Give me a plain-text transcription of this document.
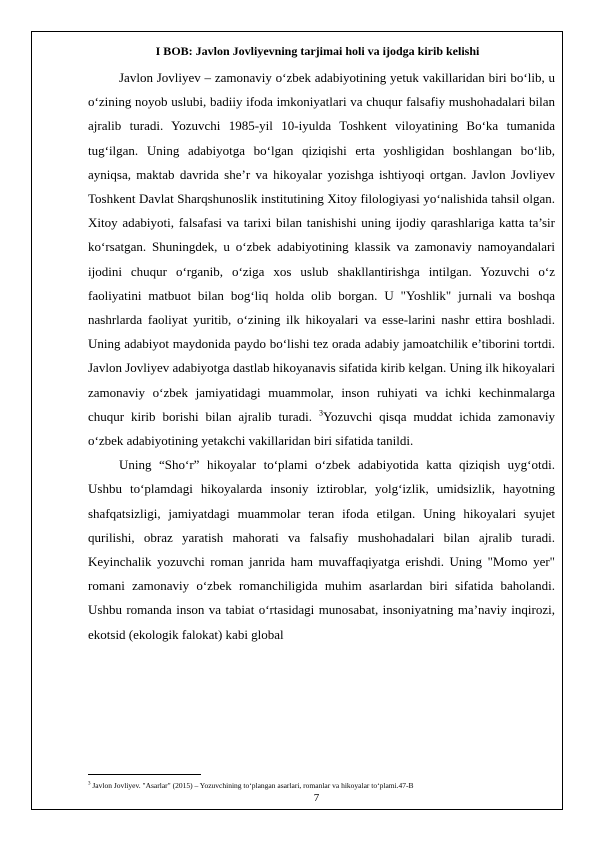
I BOB: Javlon Jovliyevning tarjimai holi va ijodga kirib kelishi

Javlon Jovliyev – zamonaviy o‘zbek adabiyotining yetuk vakillaridan biri bo‘lib, u o‘zining noyob uslubi, badiiy ifoda imkoniyatlari va chuqur falsafiy mushohadalari bilan ajralib turadi. Yozuvchi 1985-yil 10-iyulda Toshkent viloyatining Bo‘ka tumanida tug‘ilgan. Uning adabiyotga bo‘lgan qiziqishi erta yoshligidan boshlangan bo‘lib, ayniqsa, maktab davrida she’r va hikoyalar yozishga ishtiyoqi ortgan. Javlon Jovliyev Toshkent Davlat Sharqshunoslik institutining Xitoy filologiyasi yo‘nalishida tahsil olgan. Xitoy adabiyoti, falsafasi va tarixi bilan tanishishi uning ijodiy qarashlariga katta ta’sir ko‘rsatgan. Shuningdek, u o‘zbek adabiyotining klassik va zamonaviy namoyandalari ijodini chuqur o‘rganib, o‘ziga xos uslub shakllantirishga intilgan. Yozuvchi o‘z faoliyatini matbuot bilan bog‘liq holda olib borgan. U "Yoshlik" jurnali va boshqa nashrlarda faoliyat yuritib, o‘zining ilk hikoyalari va esse-larini nashr ettira boshladi. Uning adabiyot maydonida paydo bo‘lishi tez orada adabiy jamoatchilik e’tiborini tortdi. Javlon Jovliyev adabiyotga dastlab hikoyanavis sifatida kirib kelgan. Uning ilk hikoyalari zamonaviy o‘zbek jamiyatidagi muammolar, inson ruhiyati va ichki kechinmalarga chuqur kirib borishi bilan ajralib turadi. $^3$Yozuvchi qisqa muddat ichida zamonaviy o‘zbek adabiyotining yetakchi vakillaridan biri sifatida tanildi.

Uning “Sho‘r” hikoyalar to‘plami o‘zbek adabiyotida katta qiziqish uyg‘otdi. Ushbu to‘plamdagi hikoyalarda insoniy iztiroblar, yolg‘izlik, umidsizlik, hayotning shafqatsizligi, jamiyatdagi muammolar teran ifoda etilgan. Uning hikoyalari syujet qurilishi, obraz yaratish mahorati va falsafiy mushohadalari bilan ajralib turadi. Keyinchalik yozuvchi roman janrida ham muvaffaqiyatga erishdi. Uning "Momo yer" romani zamonaviy o‘zbek romanchiligida muhim asarlardan biri sifatida baholandi. Ushbu romanda inson va tabiat o‘rtasidagi munosabat, insoniyatning ma’naviy inqirozi, ekotsid (ekologik falokat) kabi global

$^3$ Javlon Jovliyev. "Asarlar" (2015) – Yozuvchining to‘plangan asarlari, romanlar va hikoyalar to‘plami.47-B
7
